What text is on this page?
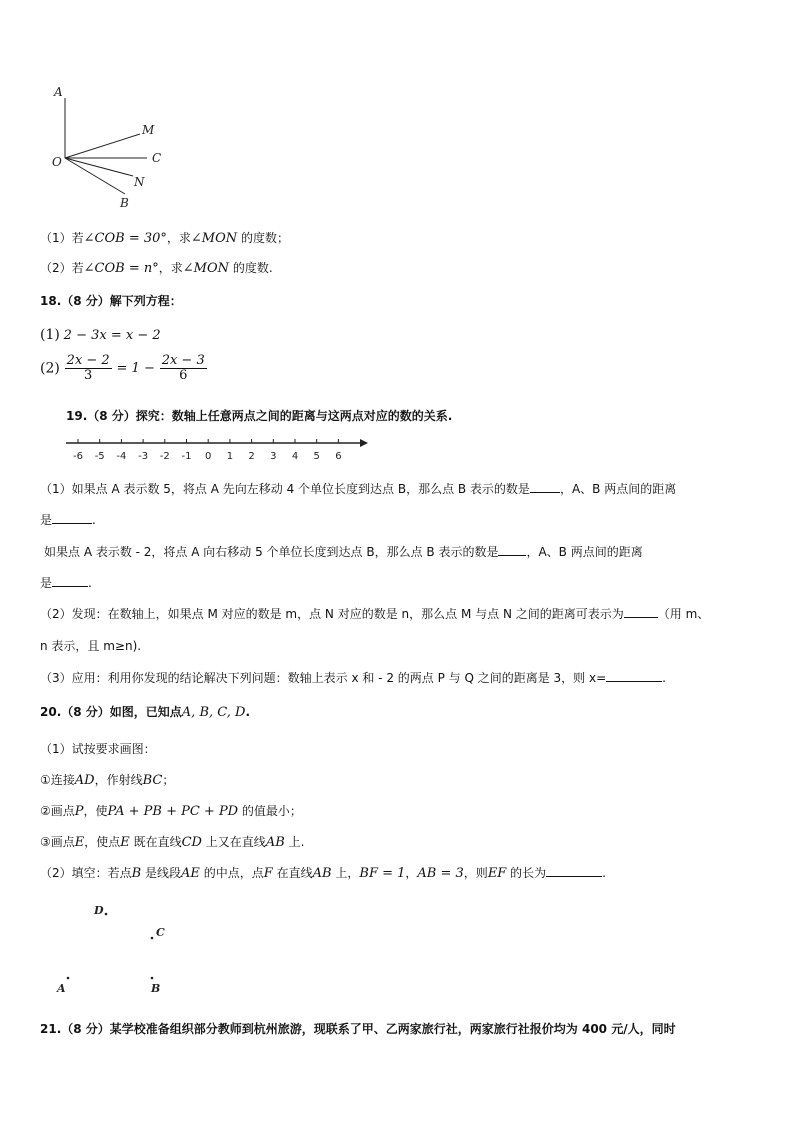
A
M
O	C
N
B
（1）若∠COB = 30°，求∠MON 的度数；
（2）若∠COB = n°，求∠MON 的度数.
18.（8 分）解下列方程：
(1) 2 − 3x = x − 2
$(2) \frac{2x - 2}{3} = 1 - \frac{2x - 3}{6}$
19.（8 分）探究：数轴上任意两点之间的距离与这两点对应的数的关系.
-6 -5 -4 -3 -2 -1 0 1 2 3 4 5 6
（1）如果点 A 表示数 5，将点 A 先向左移动 4 个单位长度到达点 B，那么点 B 表示的数是	，A、B 两点间的距离
是	.
如果点 A 表示数 - 2，将点 A 向右移动 5 个单位长度到达点 B，那么点 B 表示的数是 ，A、B 两点间的距离
是	.
（2）发现：在数轴上，如果点 M 对应的数是 m，点 N 对应的数是 n，那么点 M 与点 N 之间的距离可表示为	（用 m、
n 表示，且 m≥n).
（3）应用：利用你发现的结论解决下列问题：数轴上表示 x 和 - 2 的两点 P 与 Q 之间的距离是 3，则 x=	.
20.（8 分）如图，已知点A, B, C, D.
（1）试按要求画图：
①连接AD，作射线BC；
②画点P，使PA + PB + PC + PD 的值最小；
③画点E，使点E 既在直线CD 上又在直线AB 上.
（2）填空：若点B 是线段AE 的中点，点F 在直线AB 上，BF = 1，AB = 3，则EF 的长为	.
D
C
A	B
21.（8 分）某学校准备组织部分教师到杭州旅游，现联系了甲、乙两家旅行社，两家旅行社报价均为 400 元/人，同时
